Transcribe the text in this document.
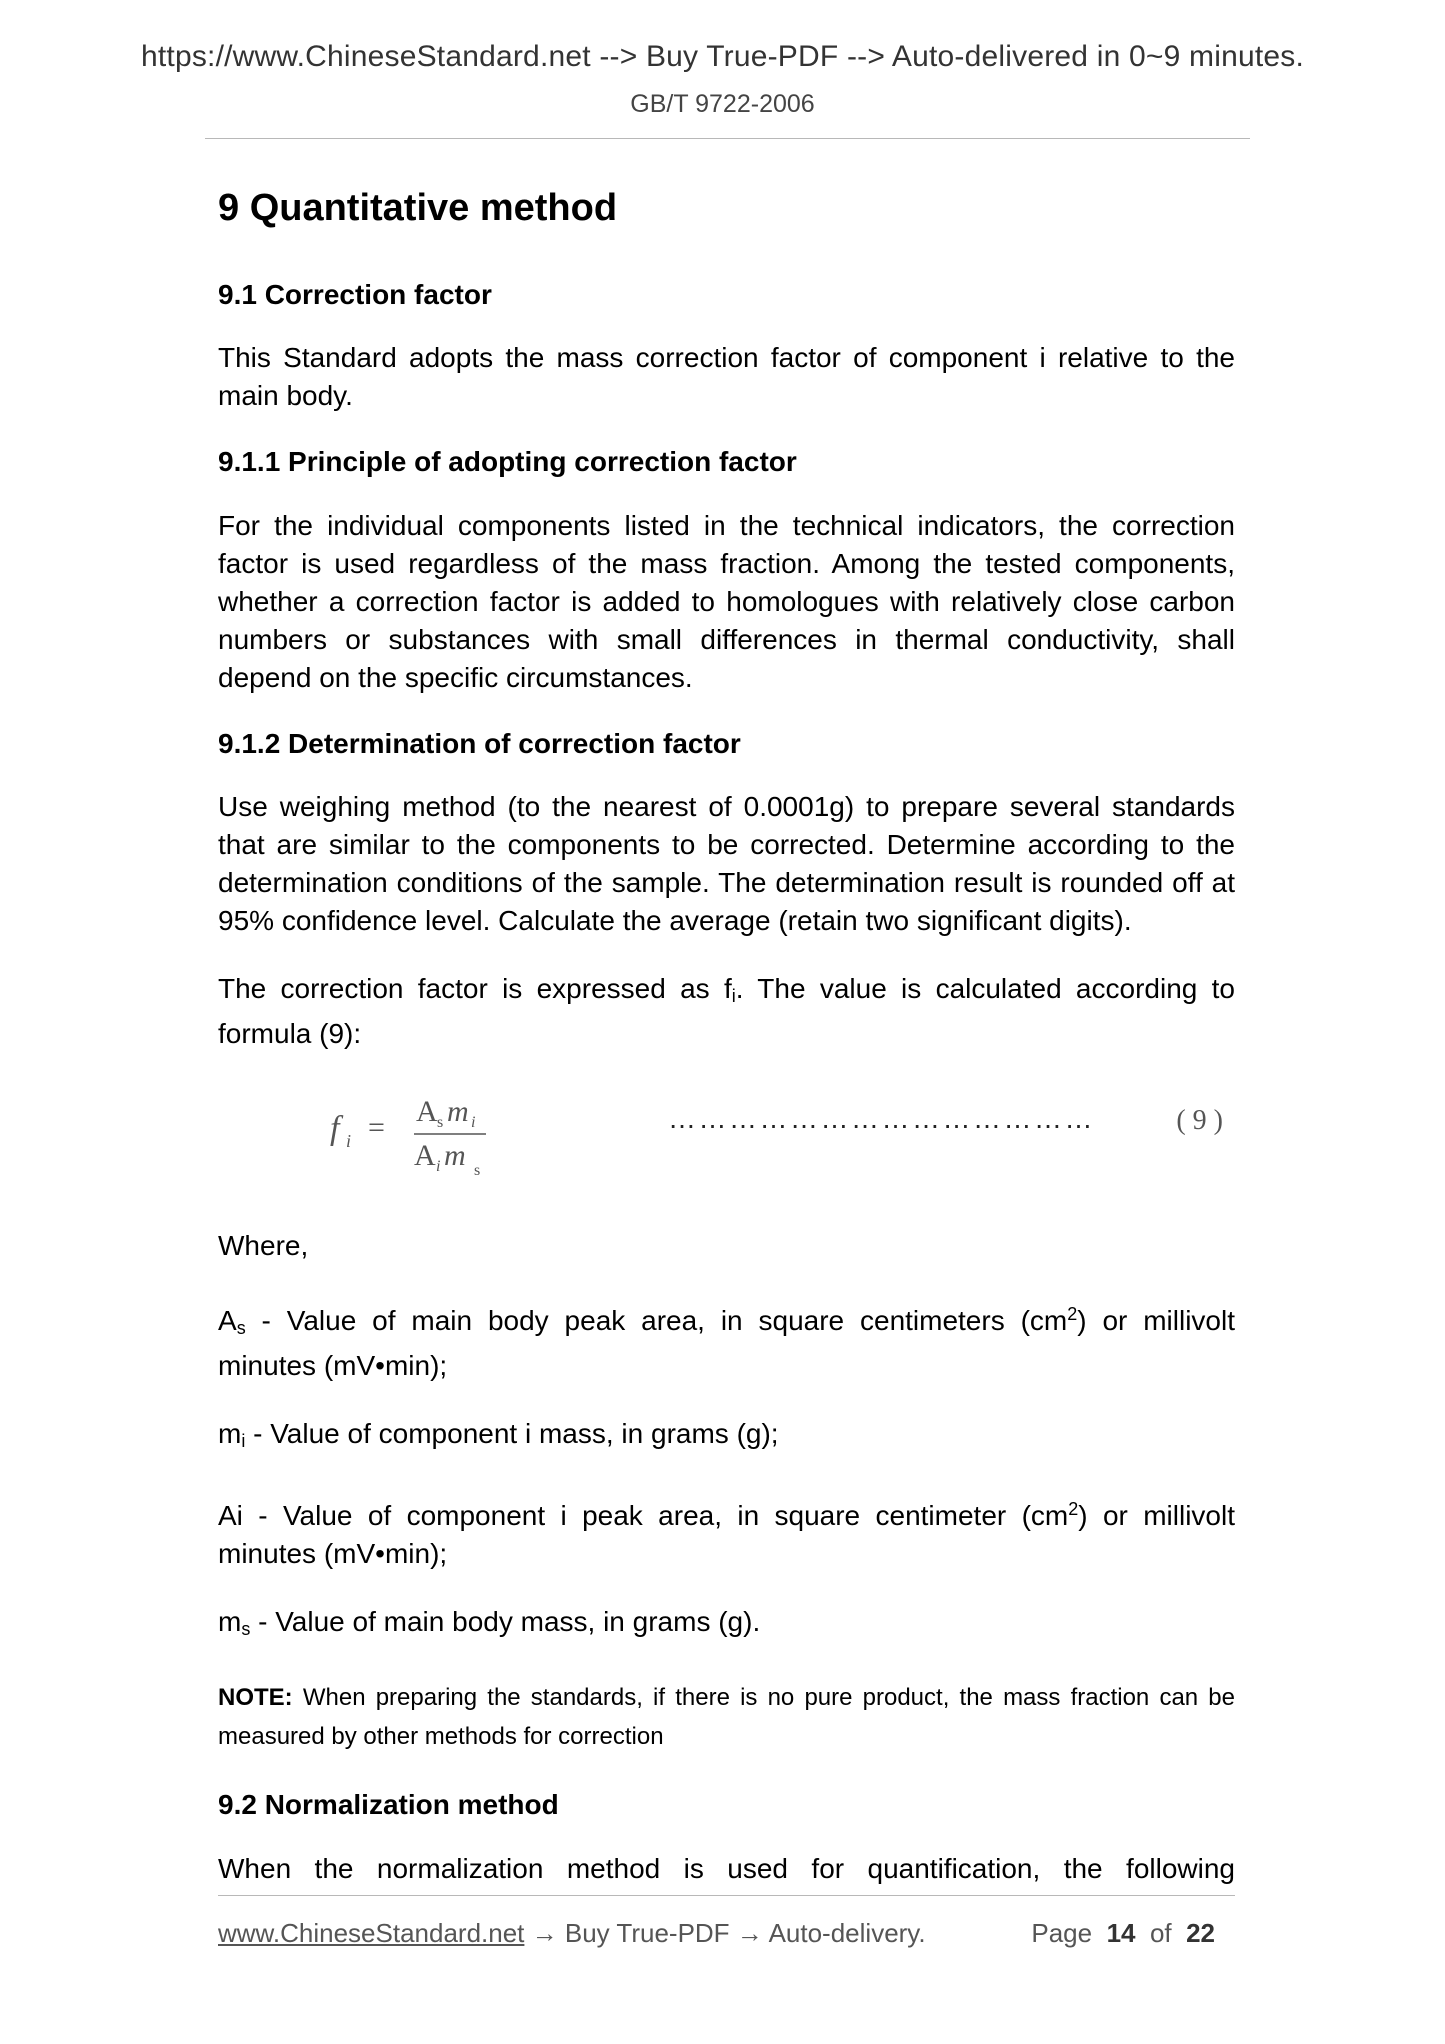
https://www.ChineseStandard.net --> Buy True-PDF --> Auto-delivered in 0~9 minutes.
GB/T 9722-2006
9 Quantitative method
9.1 Correction factor

This Standard adopts the mass correction factor of component i relative to the main body.

9.1.1 Principle of adopting correction factor

For the individual components listed in the technical indicators, the correction factor is used regardless of the mass fraction. Among the tested components, whether a correction factor is added to homologues with relatively close carbon numbers or substances with small differences in thermal conductivity, shall depend on the specific circumstances.

9.1.2 Determination of correction factor

Use weighing method (to the nearest of 0.0001g) to prepare several standards that are similar to the components to be corrected. Determine according to the determination conditions of the sample. The determination result is rounded off at 95% confidence level. Calculate the average (retain two significant digits).

The correction factor is expressed as $f_i$. The value is calculated according to formula (9):

f i = A s m i
A i m s
……………………………………	( 9 )

Where,

$A_s$ - Value of main body peak area, in square centimeters $(cm^2)$ or millivolt minutes (mV•min);

$m_i$ - Value of component i mass, in grams (g);

Ai - Value of component i peak area, in square centimeter $(cm^2)$ or millivolt minutes (mV•min);

$m_s$ - Value of main body mass, in grams (g).

NOTE: When preparing the standards, if there is no pure product, the mass fraction can be measured by other methods for correction
9.2 Normalization method

When the normalization method is used for quantification, the following

www.ChineseStandard.net → Buy True-PDF → Auto-delivery.	Page 14 of 22
